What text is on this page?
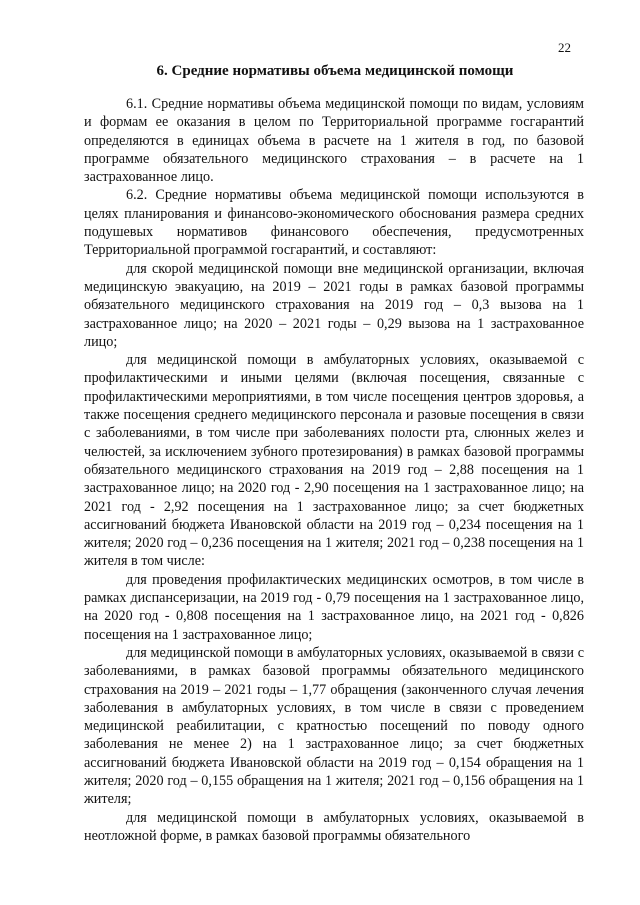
22
6. Средние нормативы объема медицинской помощи

6.1. Средние нормативы объема медицинской помощи по видам, условиям и формам ее оказания в целом по Территориальной программе госгарантий определяются в единицах объема в расчете на 1 жителя в год, по базовой программе обязательного медицинского страхования – в расчете на 1 застрахованное лицо.

6.2. Средние нормативы объема медицинской помощи используются в целях планирования и финансово-экономического обоснования размера средних подушевых нормативов финансового обеспечения, предусмотренных Территориальной программой госгарантий, и составляют:

для скорой медицинской помощи вне медицинской организации, включая медицинскую эвакуацию, на 2019 – 2021 годы в рамках базовой программы обязательного медицинского страхования на 2019 год – 0,3 вызова на 1 застрахованное лицо; на 2020 – 2021 годы – 0,29 вызова на 1 застрахованное лицо;

для медицинской помощи в амбулаторных условиях, оказываемой с профилактическими и иными целями (включая посещения, связанные с профилактическими мероприятиями, в том числе посещения центров здоровья, а также посещения среднего медицинского персонала и разовые посещения в связи с заболеваниями, в том числе при заболеваниях полости рта, слюнных желез и челюстей, за исключением зубного протезирования) в рамках базовой программы обязательного медицинского страхования на 2019 год – 2,88 посещения на 1 застрахованное лицо; на 2020 год - 2,90 посещения на 1 застрахованное лицо; на 2021 год - 2,92 посещения на 1 застрахованное лицо; за счет бюджетных ассигнований бюджета Ивановской области на 2019 год – 0,234 посещения на 1 жителя; 2020 год – 0,236 посещения на 1 жителя; 2021 год – 0,238 посещения на 1 жителя в том числе:

для проведения профилактических медицинских осмотров, в том числе в рамках диспансеризации, на 2019 год - 0,79 посещения на 1 застрахованное лицо, на 2020 год - 0,808 посещения на 1 застрахованное лицо, на 2021 год - 0,826 посещения на 1 застрахованное лицо;

для медицинской помощи в амбулаторных условиях, оказываемой в связи с заболеваниями, в рамках базовой программы обязательного медицинского страхования на 2019 – 2021 годы – 1,77 обращения (законченного случая лечения заболевания в амбулаторных условиях, в том числе в связи с проведением медицинской реабилитации, с кратностью посещений по поводу одного заболевания не менее 2) на 1 застрахованное лицо; за счет бюджетных ассигнований бюджета Ивановской области на 2019 год – 0,154 обращения на 1 жителя; 2020 год – 0,155 обращения на 1 жителя; 2021 год – 0,156 обращения на 1 жителя;

для медицинской помощи в амбулаторных условиях, оказываемой в неотложной форме, в рамках базовой программы обязательного
